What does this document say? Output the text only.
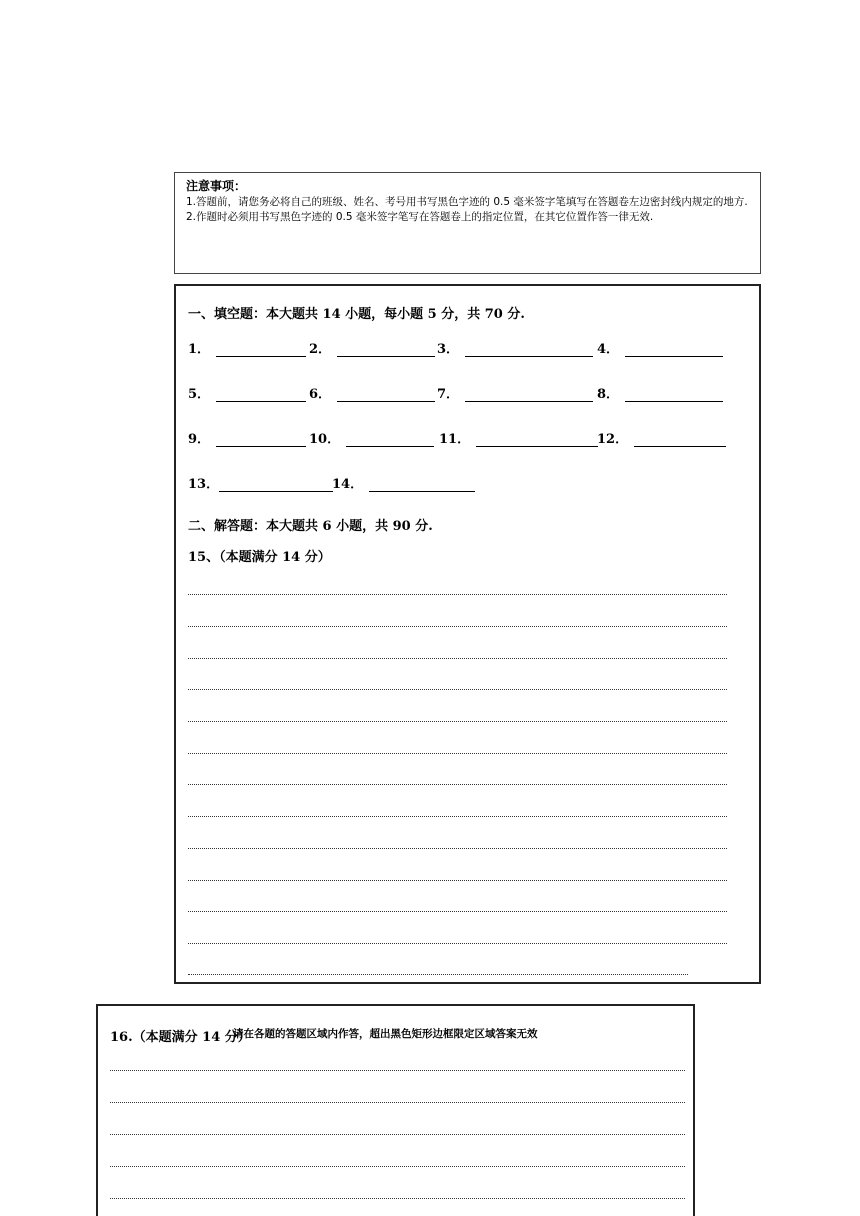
注意事项：
1.答题前，请您务必将自己的班级、姓名、考号用书写黑色字迹的 0.5 毫米签字笔填写在答题卷左边密封线内规定的地方.
2.作题时必须用书写黑色字迹的 0.5 毫米签字笔写在答题卷上的指定位置，在其它位置作答一律无效.
一、填空题：本大题共 14 小题，每小题 5 分，共 70 分.
1．	2．	3．	4．
5．	6．	7．	8．
9．	10．	11．	12．
13．	14．
二、解答题：本大题共 6 小题，共 90 分.
15、（本题满分 14 分）
16.（本题满分 14 分）
请在各题的答题区域内作答，超出黑色矩形边框限定区域答案无效
